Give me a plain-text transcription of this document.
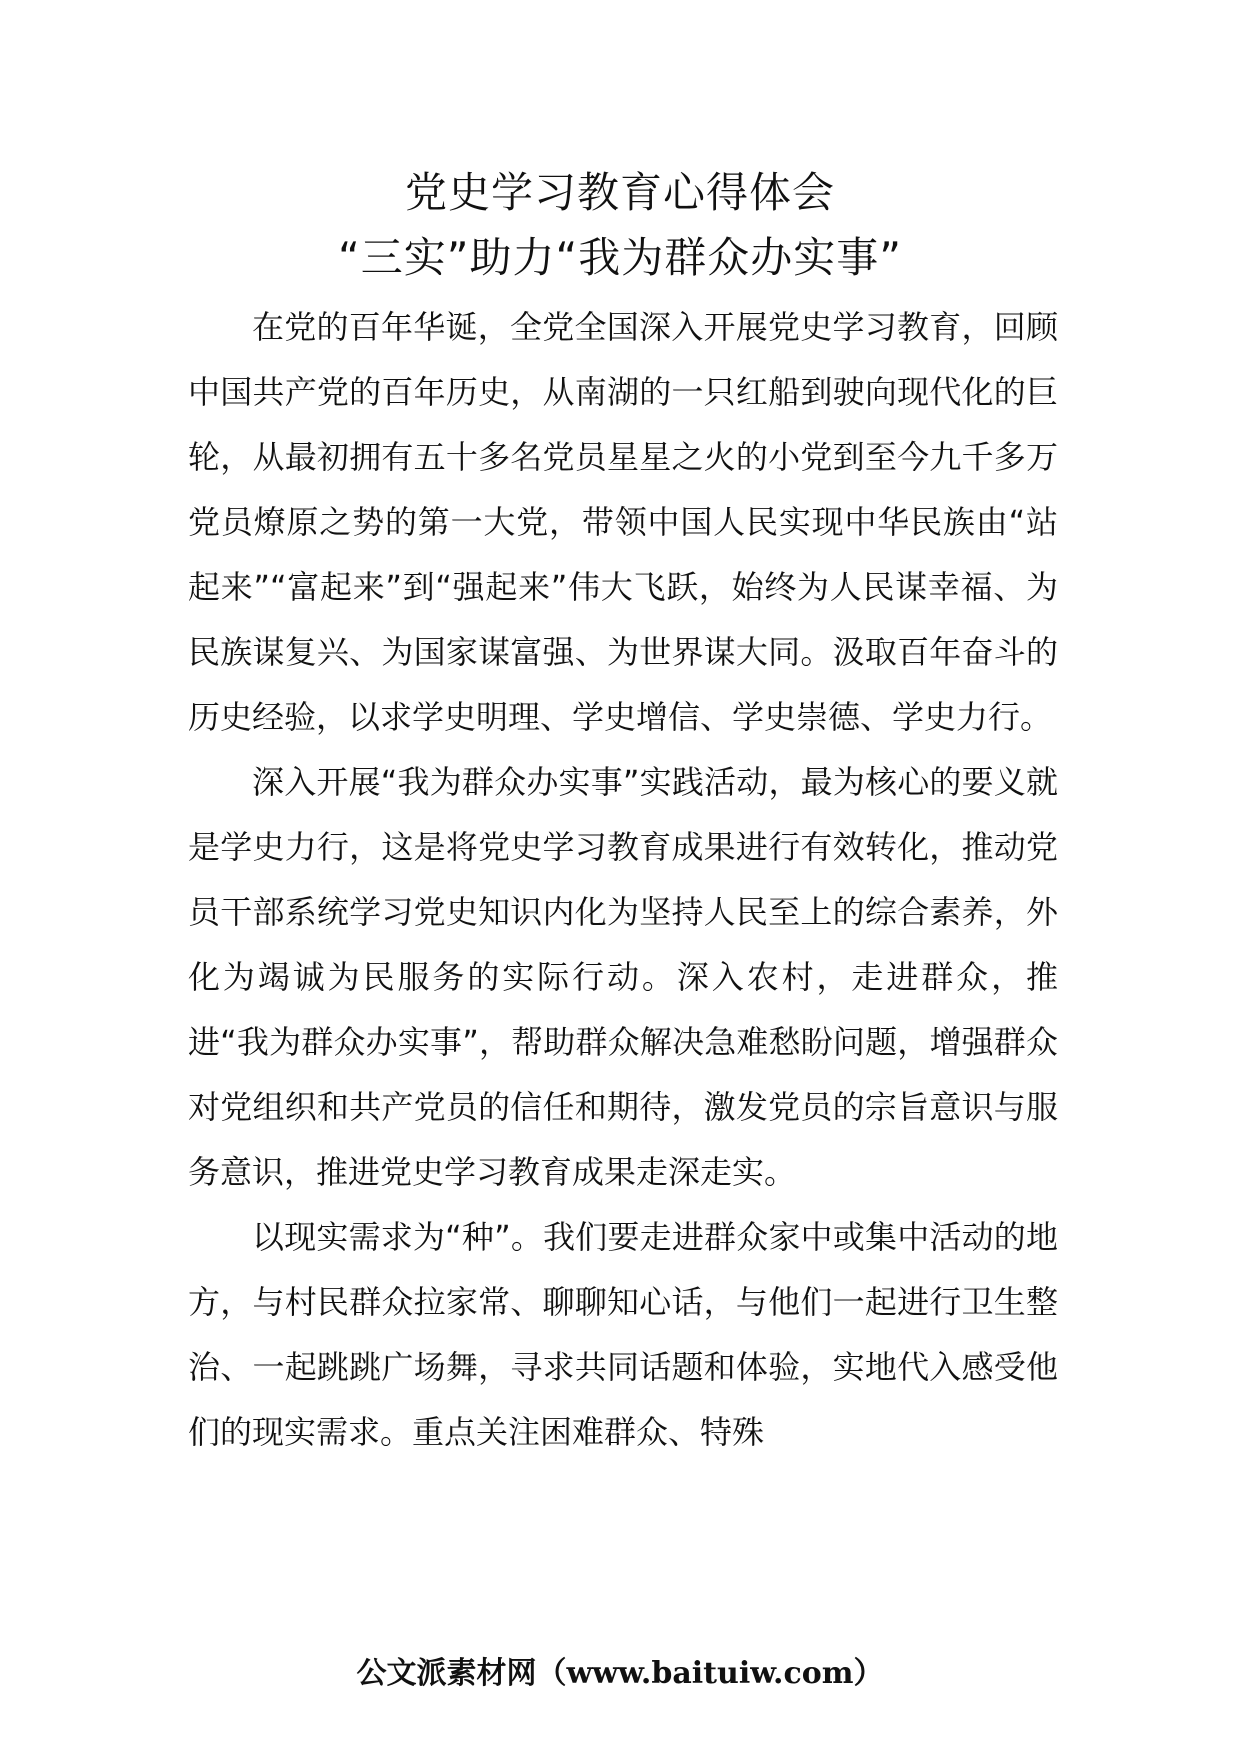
党史学习教育心得体会
“三实”助力“我为群众办实事”

在党的百年华诞，全党全国深入开展党史学习教育，回顾中国共产党的百年历史，从南湖的一只红船到驶向现代化的巨轮，从最初拥有五十多名党员星星之火的小党到至今九千多万党员燎原之势的第一大党，带领中国人民实现中华民族由“站起来”“富起来”到“强起来”伟大飞跃，始终为人民谋幸福、为民族谋复兴、为国家谋富强、为世界谋大同。汲取百年奋斗的历史经验，以求学史明理、学史增信、学史崇德、学史力行。

深入开展“我为群众办实事”实践活动，最为核心的要义就是学史力行，这是将党史学习教育成果进行有效转化，推动党员干部系统学习党史知识内化为坚持人民至上的综合素养，外化为竭诚为民服务的实际行动。深入农村，走进群众，推进“我为群众办实事”，帮助群众解决急难愁盼问题，增强群众对党组织和共产党员的信任和期待，激发党员的宗旨意识与服务意识，推进党史学习教育成果走深走实。

以现实需求为“种”。我们要走进群众家中或集中活动的地方，与村民群众拉家常、聊聊知心话，与他们一起进行卫生整治、一起跳跳广场舞，寻求共同话题和体验，实地代入感受他们的现实需求。重点关注困难群众、特殊

公文派素材网（www.baituiw.com）
